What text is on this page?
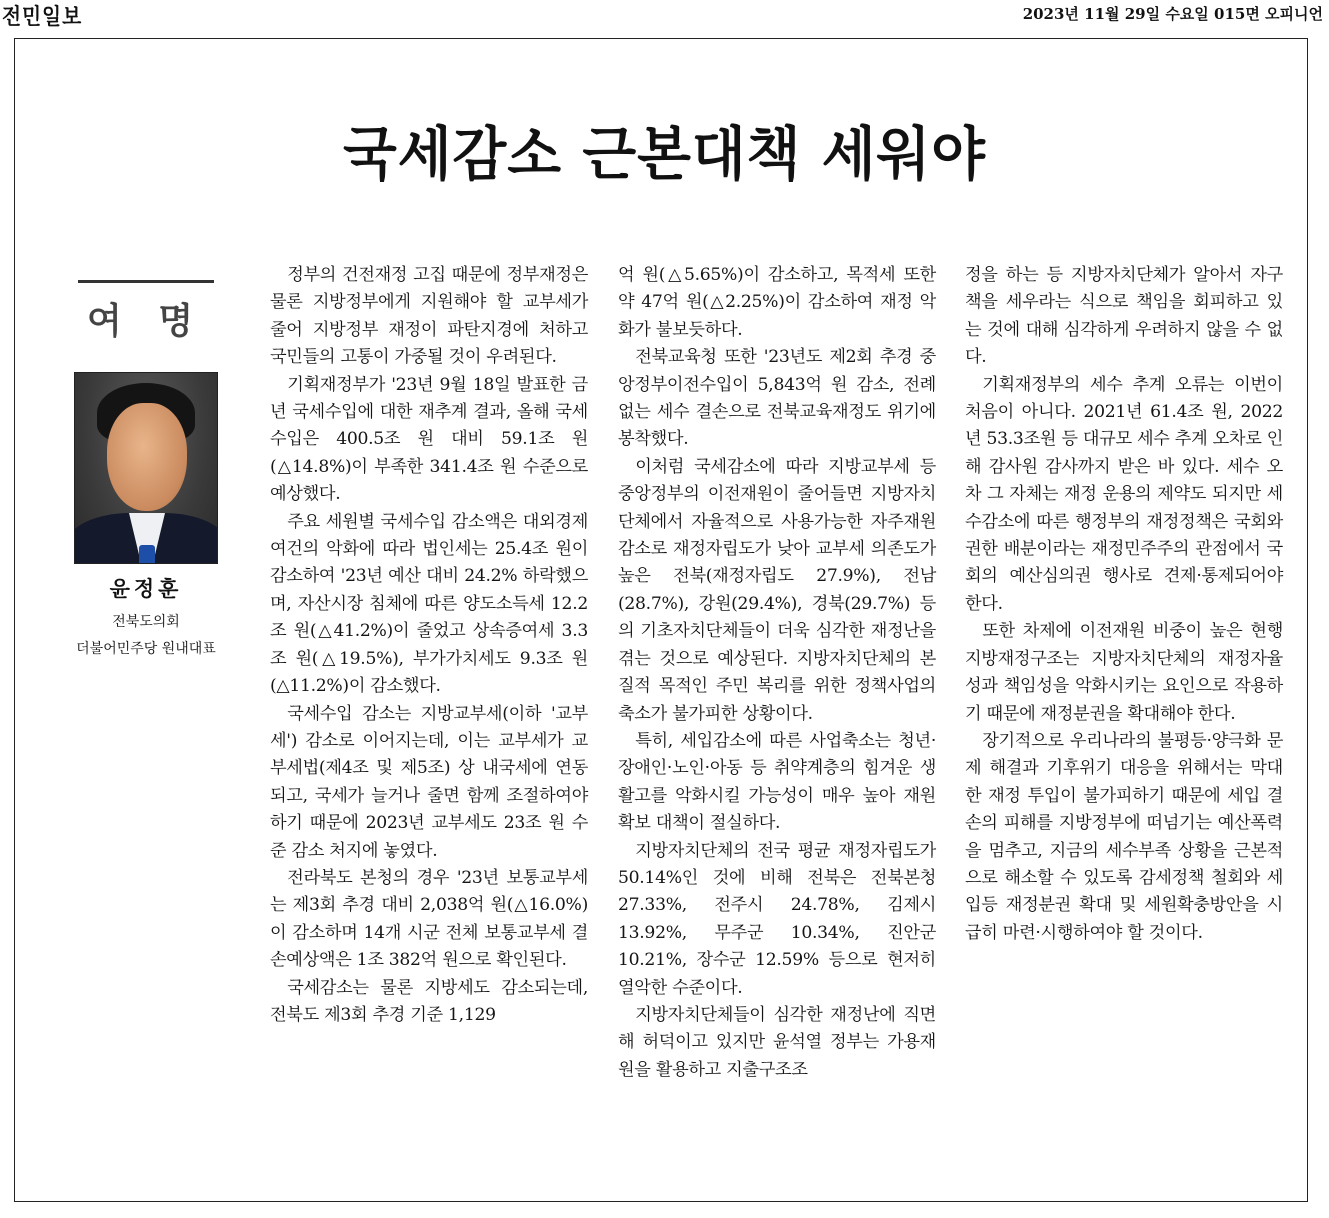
전민일보	2023년 11월 29일 수요일 015면 오피니언
국세감소 근본대책 세워야
여 명
윤정훈
전북도의회
더불어민주당 원내대표

정부의 건전재정 고집 때문에 정부재정은 물론 지방정부에게 지원해야 할 교부세가 줄어 지방정부 재정이 파탄지경에 처하고 국민들의 고통이 가중될 것이 우려된다.

기획재정부가 '23년 9월 18일 발표한 금년 국세수입에 대한 재추계 결과, 올해 국세수입은 400.5조 원 대비 59.1조 원(△14.8%)이 부족한 341.4조 원 수준으로 예상했다.

주요 세원별 국세수입 감소액은 대외경제 여건의 악화에 따라 법인세는 25.4조 원이 감소하여 '23년 예산 대비 24.2% 하락했으며, 자산시장 침체에 따른 양도소득세 12.2조 원(△41.2%)이 줄었고 상속증여세 3.3조 원(△19.5%), 부가가치세도 9.3조 원(△11.2%)이 감소했다.

국세수입 감소는 지방교부세(이하 '교부세') 감소로 이어지는데, 이는 교부세가 교부세법(제4조 및 제5조) 상 내국세에 연동되고, 국세가 늘거나 줄면 함께 조절하여야 하기 때문에 2023년 교부세도 23조 원 수준 감소 처지에 놓였다.

전라북도 본청의 경우 '23년 보통교부세는 제3회 추경 대비 2,038억 원(△16.0%)이 감소하며 14개 시군 전체 보통교부세 결손예상액은 1조 382억 원으로 확인된다.

국세감소는 물론 지방세도 감소되는데, 전북도 제3회 추경 기준 1,129

억 원(△5.65%)이 감소하고, 목적세 또한 약 47억 원(△2.25%)이 감소하여 재정 악화가 불보듯하다.

전북교육청 또한 '23년도 제2회 추경 중앙정부이전수입이 5,843억 원 감소, 전례없는 세수 결손으로 전북교육재정도 위기에 봉착했다.

이처럼 국세감소에 따라 지방교부세 등 중앙정부의 이전재원이 줄어들면 지방자치단체에서 자율적으로 사용가능한 자주재원 감소로 재정자립도가 낮아 교부세 의존도가 높은 전북(재정자립도 27.9%), 전남(28.7%), 강원(29.4%), 경북(29.7%) 등의 기초자치단체들이 더욱 심각한 재정난을 겪는 것으로 예상된다. 지방자치단체의 본질적 목적인 주민 복리를 위한 정책사업의 축소가 불가피한 상황이다.

특히, 세입감소에 따른 사업축소는 청년·장애인·노인·아동 등 취약계층의 힘겨운 생활고를 악화시킬 가능성이 매우 높아 재원 확보 대책이 절실하다.

지방자치단체의 전국 평균 재정자립도가 50.14%인 것에 비해 전북은 전북본청 27.33%, 전주시 24.78%, 김제시 13.92%, 무주군 10.34%, 진안군 10.21%, 장수군 12.59% 등으로 현저히 열악한 수준이다.

지방자치단체들이 심각한 재정난에 직면해 허덕이고 있지만 윤석열 정부는 가용재원을 활용하고 지출구조조

정을 하는 등 지방자치단체가 알아서 자구책을 세우라는 식으로 책임을 회피하고 있는 것에 대해 심각하게 우려하지 않을 수 없다.

기획재정부의 세수 추계 오류는 이번이 처음이 아니다. 2021년 61.4조 원, 2022년 53.3조원 등 대규모 세수 추계 오차로 인해 감사원 감사까지 받은 바 있다. 세수 오차 그 자체는 재정 운용의 제약도 되지만 세수감소에 따른 행정부의 재정정책은 국회와 권한 배분이라는 재정민주주의 관점에서 국회의 예산심의권 행사로 견제·통제되어야 한다.

또한 차제에 이전재원 비중이 높은 현행 지방재정구조는 지방자치단체의 재정자율성과 책임성을 악화시키는 요인으로 작용하기 때문에 재정분권을 확대해야 한다.

장기적으로 우리나라의 불평등·양극화 문제 해결과 기후위기 대응을 위해서는 막대한 재정 투입이 불가피하기 때문에 세입 결손의 피해를 지방정부에 떠넘기는 예산폭력을 멈추고, 지금의 세수부족 상황을 근본적으로 해소할 수 있도록 감세정책 철회와 세입등 재정분권 확대 및 세원확충방안을 시급히 마련·시행하여야 할 것이다.
